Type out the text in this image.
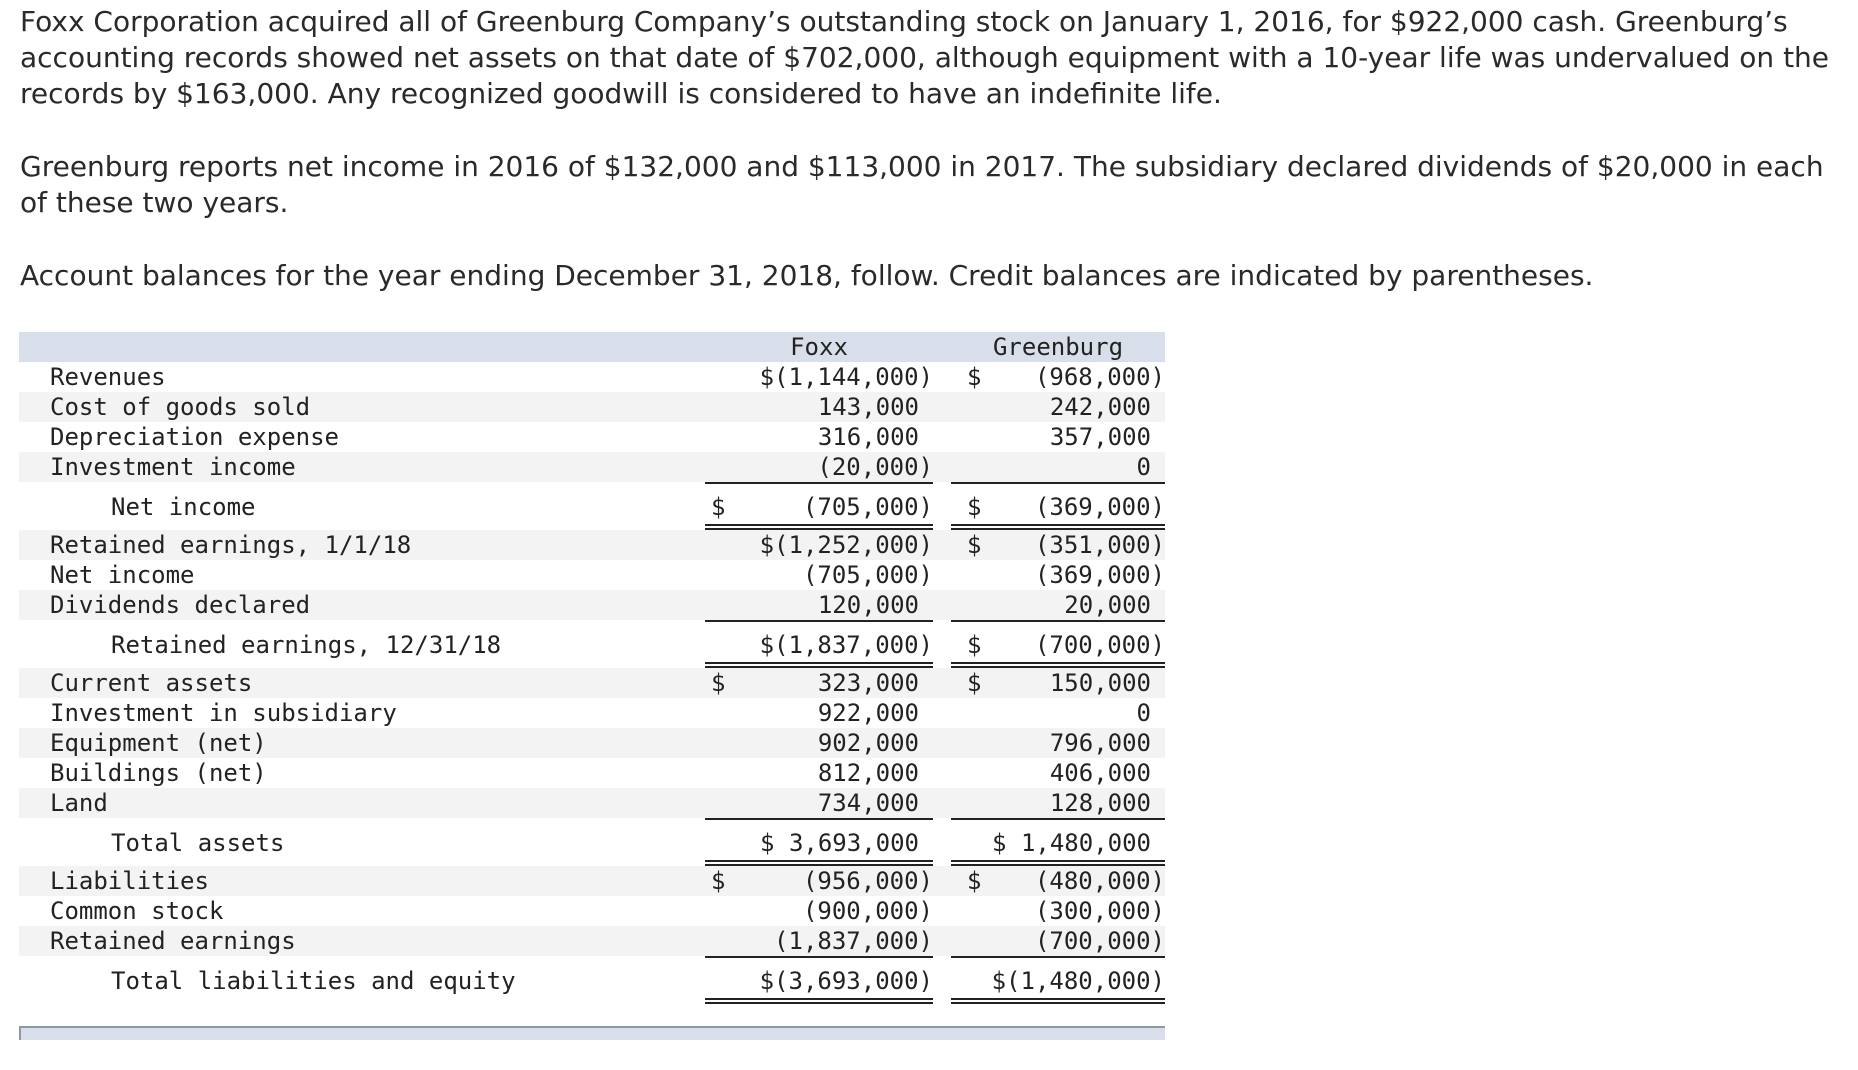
Foxx Corporation acquired all of Greenburg Company’s outstanding stock on January 1, 2016, for $922,000 cash. Greenburg’s accounting records showed net assets on that date of $702,000, although equipment with a 10-year life was undervalued on the records by $163,000. Any recognized goodwill is considered to have an indefinite life.

Greenburg reports net income in 2016 of $132,000 and $113,000 in 2017. The subsidiary declared dividends of $20,000 in each of these two years.

Account balances for the year ending December 31, 2018, follow. Credit balances are indicated by parentheses.

Foxx	Greenburg
Revenues	$(1,144,000) $ (968,000)
Cost of goods sold	143,000	242,000
Depreciation expense	316,000	357,000
Investment income	(20,000)	0
Net income	$	(705,000) $ (369,000)
Retained earnings, 1/1/18	$(1,252,000) $ (351,000)
Net income	(705,000)	(369,000)
Dividends declared	120,000	20,000
Retained earnings, 12/31/18	$(1,837,000) $ (700,000)
Current assets	$	323,000	$	150,000
Investment in subsidiary	922,000	0
Equipment (net)	902,000	796,000
Buildings (net)	812,000	406,000
Land	734,000	128,000
Total assets	$ 3,693,000	$ 1,480,000
Liabilities	$	(956,000) $ (480,000)
Common stock	(900,000)	(300,000)
Retained earnings	(1,837,000)	(700,000)
Total liabilities and equity	$(3,693,000) $(1,480,000)
